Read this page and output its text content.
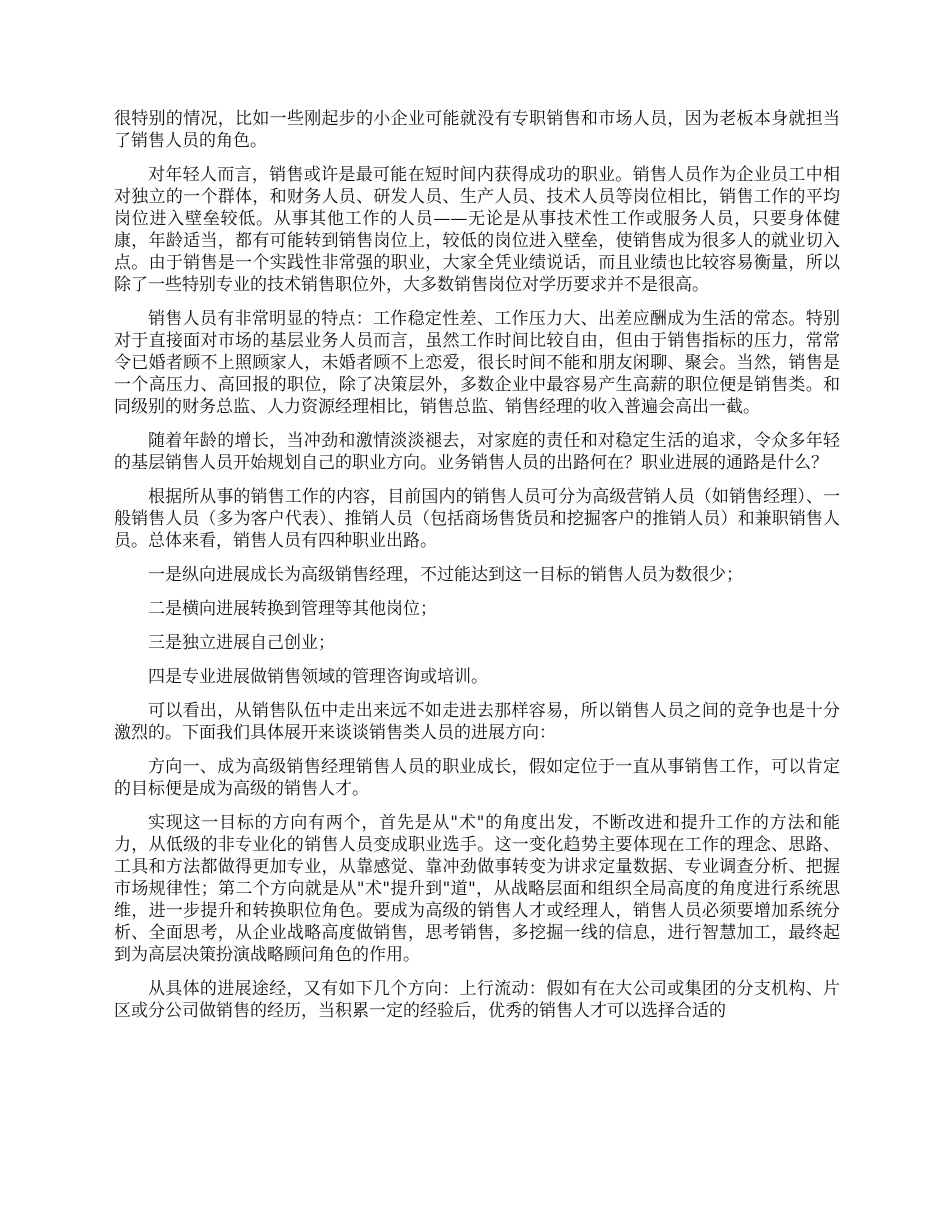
很特别的情况，比如一些刚起步的小企业可能就没有专职销售和市场人员，因为老板本身就担当了销售人员的角色。

对年轻人而言，销售或许是最可能在短时间内获得成功的职业。销售人员作为企业员工中相对独立的一个群体，和财务人员、研发人员、生产人员、技术人员等岗位相比，销售工作的平均岗位进入壁垒较低。从事其他工作的人员——无论是从事技术性工作或服务人员，只要身体健康，年龄适当，都有可能转到销售岗位上，较低的岗位进入壁垒，使销售成为很多人的就业切入点。由于销售是一个实践性非常强的职业，大家全凭业绩说话，而且业绩也比较容易衡量，所以除了一些特别专业的技术销售职位外，大多数销售岗位对学历要求并不是很高。

销售人员有非常明显的特点：工作稳定性差、工作压力大、出差应酬成为生活的常态。特别对于直接面对市场的基层业务人员而言，虽然工作时间比较自由，但由于销售指标的压力，常常令已婚者顾不上照顾家人，未婚者顾不上恋爱，很长时间不能和朋友闲聊、聚会。当然，销售是一个高压力、高回报的职位，除了决策层外，多数企业中最容易产生高薪的职位便是销售类。和同级别的财务总监、人力资源经理相比，销售总监、销售经理的收入普遍会高出一截。

随着年龄的增长，当冲劲和激情淡淡褪去，对家庭的责任和对稳定生活的追求，令众多年轻的基层销售人员开始规划自己的职业方向。业务销售人员的出路何在？职业进展的通路是什么？

根据所从事的销售工作的内容，目前国内的销售人员可分为高级营销人员（如销售经理）、一般销售人员（多为客户代表）、推销人员（包括商场售货员和挖掘客户的推销人员）和兼职销售人员。总体来看，销售人员有四种职业出路。

一是纵向进展成长为高级销售经理，不过能达到这一目标的销售人员为数很少；

二是横向进展转换到管理等其他岗位；

三是独立进展自己创业；

四是专业进展做销售领域的管理咨询或培训。

可以看出，从销售队伍中走出来远不如走进去那样容易，所以销售人员之间的竞争也是十分激烈的。下面我们具体展开来谈谈销售类人员的进展方向：

方向一、成为高级销售经理销售人员的职业成长，假如定位于一直从事销售工作，可以肯定的目标便是成为高级的销售人才。

实现这一目标的方向有两个，首先是从"术"的角度出发，不断改进和提升工作的方法和能力，从低级的非专业化的销售人员变成职业选手。这一变化趋势主要体现在工作的理念、思路、工具和方法都做得更加专业，从靠感觉、靠冲劲做事转变为讲求定量数据、专业调查分析、把握市场规律性；第二个方向就是从"术"提升到"道"，从战略层面和组织全局高度的角度进行系统思维，进一步提升和转换职位角色。要成为高级的销售人才或经理人，销售人员必须要增加系统分析、全面思考，从企业战略高度做销售，思考销售，多挖掘一线的信息，进行智慧加工，最终起到为高层决策扮演战略顾问角色的作用。

从具体的进展途经，又有如下几个方向：上行流动：假如有在大公司或集团的分支机构、片区或分公司做销售的经历，当积累一定的经验后，优秀的销售人才可以选择合适的
